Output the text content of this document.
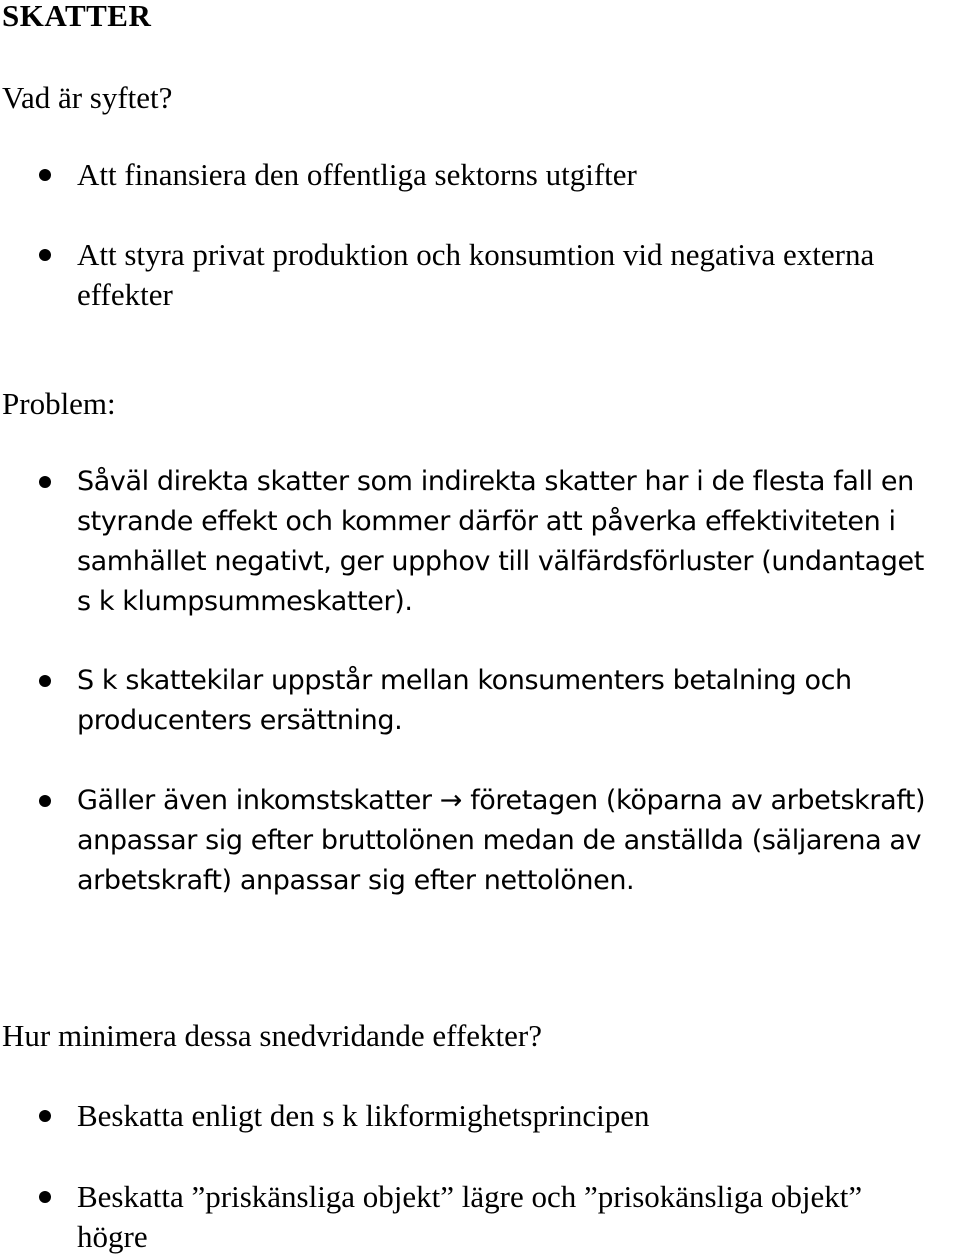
SKATTER
Vad är syftet?
Att finansiera den offentliga sektorns utgifter
Att styra privat produktion och konsumtion vid negativa externa
effekter
Problem:
Såväl direkta skatter som indirekta skatter har i de flesta fall en
styrande effekt och kommer därför att påverka effektiviteten i
samhället negativt, ger upphov till välfärdsförluster (undantaget
s k klumpsummeskatter).
S k skattekilar uppstår mellan konsumenters betalning och
producenters ersättning.
Gäller även inkomstskatter → företagen (köparna av arbetskraft)
anpassar sig efter bruttolönen medan de anställda (säljarena av
arbetskraft) anpassar sig efter nettolönen.
Hur minimera dessa snedvridande effekter?
Beskatta enligt den s k likformighetsprincipen
Beskatta ”priskänsliga objekt” lägre och ”prisokänsliga objekt”
högre
